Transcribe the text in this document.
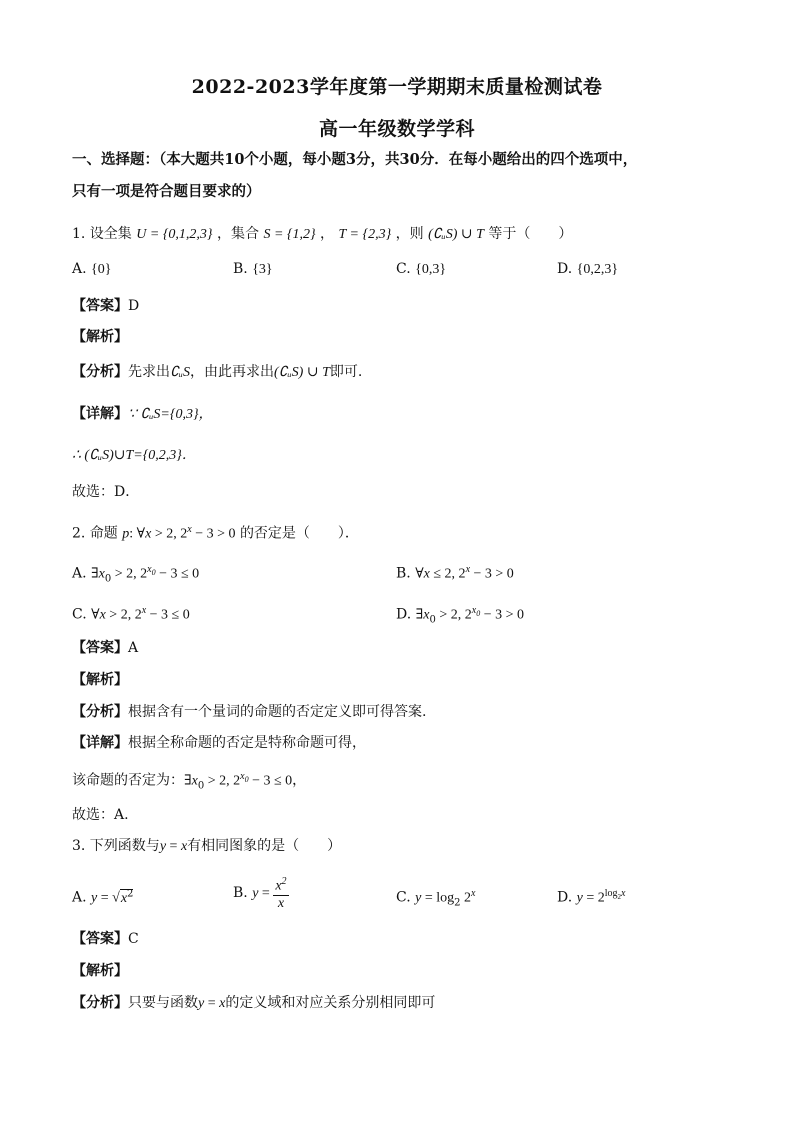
2022-2023学年度第一学期期末质量检测试卷
高一年级数学学科
一、选择题：（本大题共10个小题，每小题3分，共30分．在每小题给出的四个选项中，
只有一项是符合题目要求的）
1. 设全集 U = {0,1,2,3} ，集合 S = {1,2} ， T = {2,3} ，则 (∁ᵤS) ∪ T 等于（　　）
A. {0}	B. {3}	C. {0,3}	D. {0,2,3}
【答案】D
【解析】
【分析】先求出∁ᵤS，由此再求出(∁ᵤS) ∪ T即可.
【详解】∵ ∁ᵤS={0,3}，
∴ (∁ᵤS)∪T={0,2,3}．
故选：D．
2. 命题 p: ∀x > 2, $2^x - 3 > 0$ 的否定是（　　）．
A. $\exists x_0 > 2$, $2^{x_0} - 3 \le 0$	B. ∀x ≤ 2, $2^x - 3 > 0$
C. ∀x > 2, $2^x - 3 \le 0$	D. $\exists x_0 > 2$, $2^{x_0} - 3 > 0$
【答案】A
【解析】
【分析】根据含有一个量词的命题的否定定义即可得答案.
【详解】根据全称命题的否定是特称命题可得，
该命题的否定为：$\exists x_0 > 2$, $2^{x_0} - 3 \le 0$，
故选：A.
3. 下列函数与y = x有相同图象的是（　　）
A. $y = √x^2$	B. $y = \frac{x^2}{x}$	C. $y = \log_2 2^x$	D. $y = 2^{log_2x}$
【答案】C
【解析】
【分析】只要与函数y = x的定义域和对应关系分别相同即可
